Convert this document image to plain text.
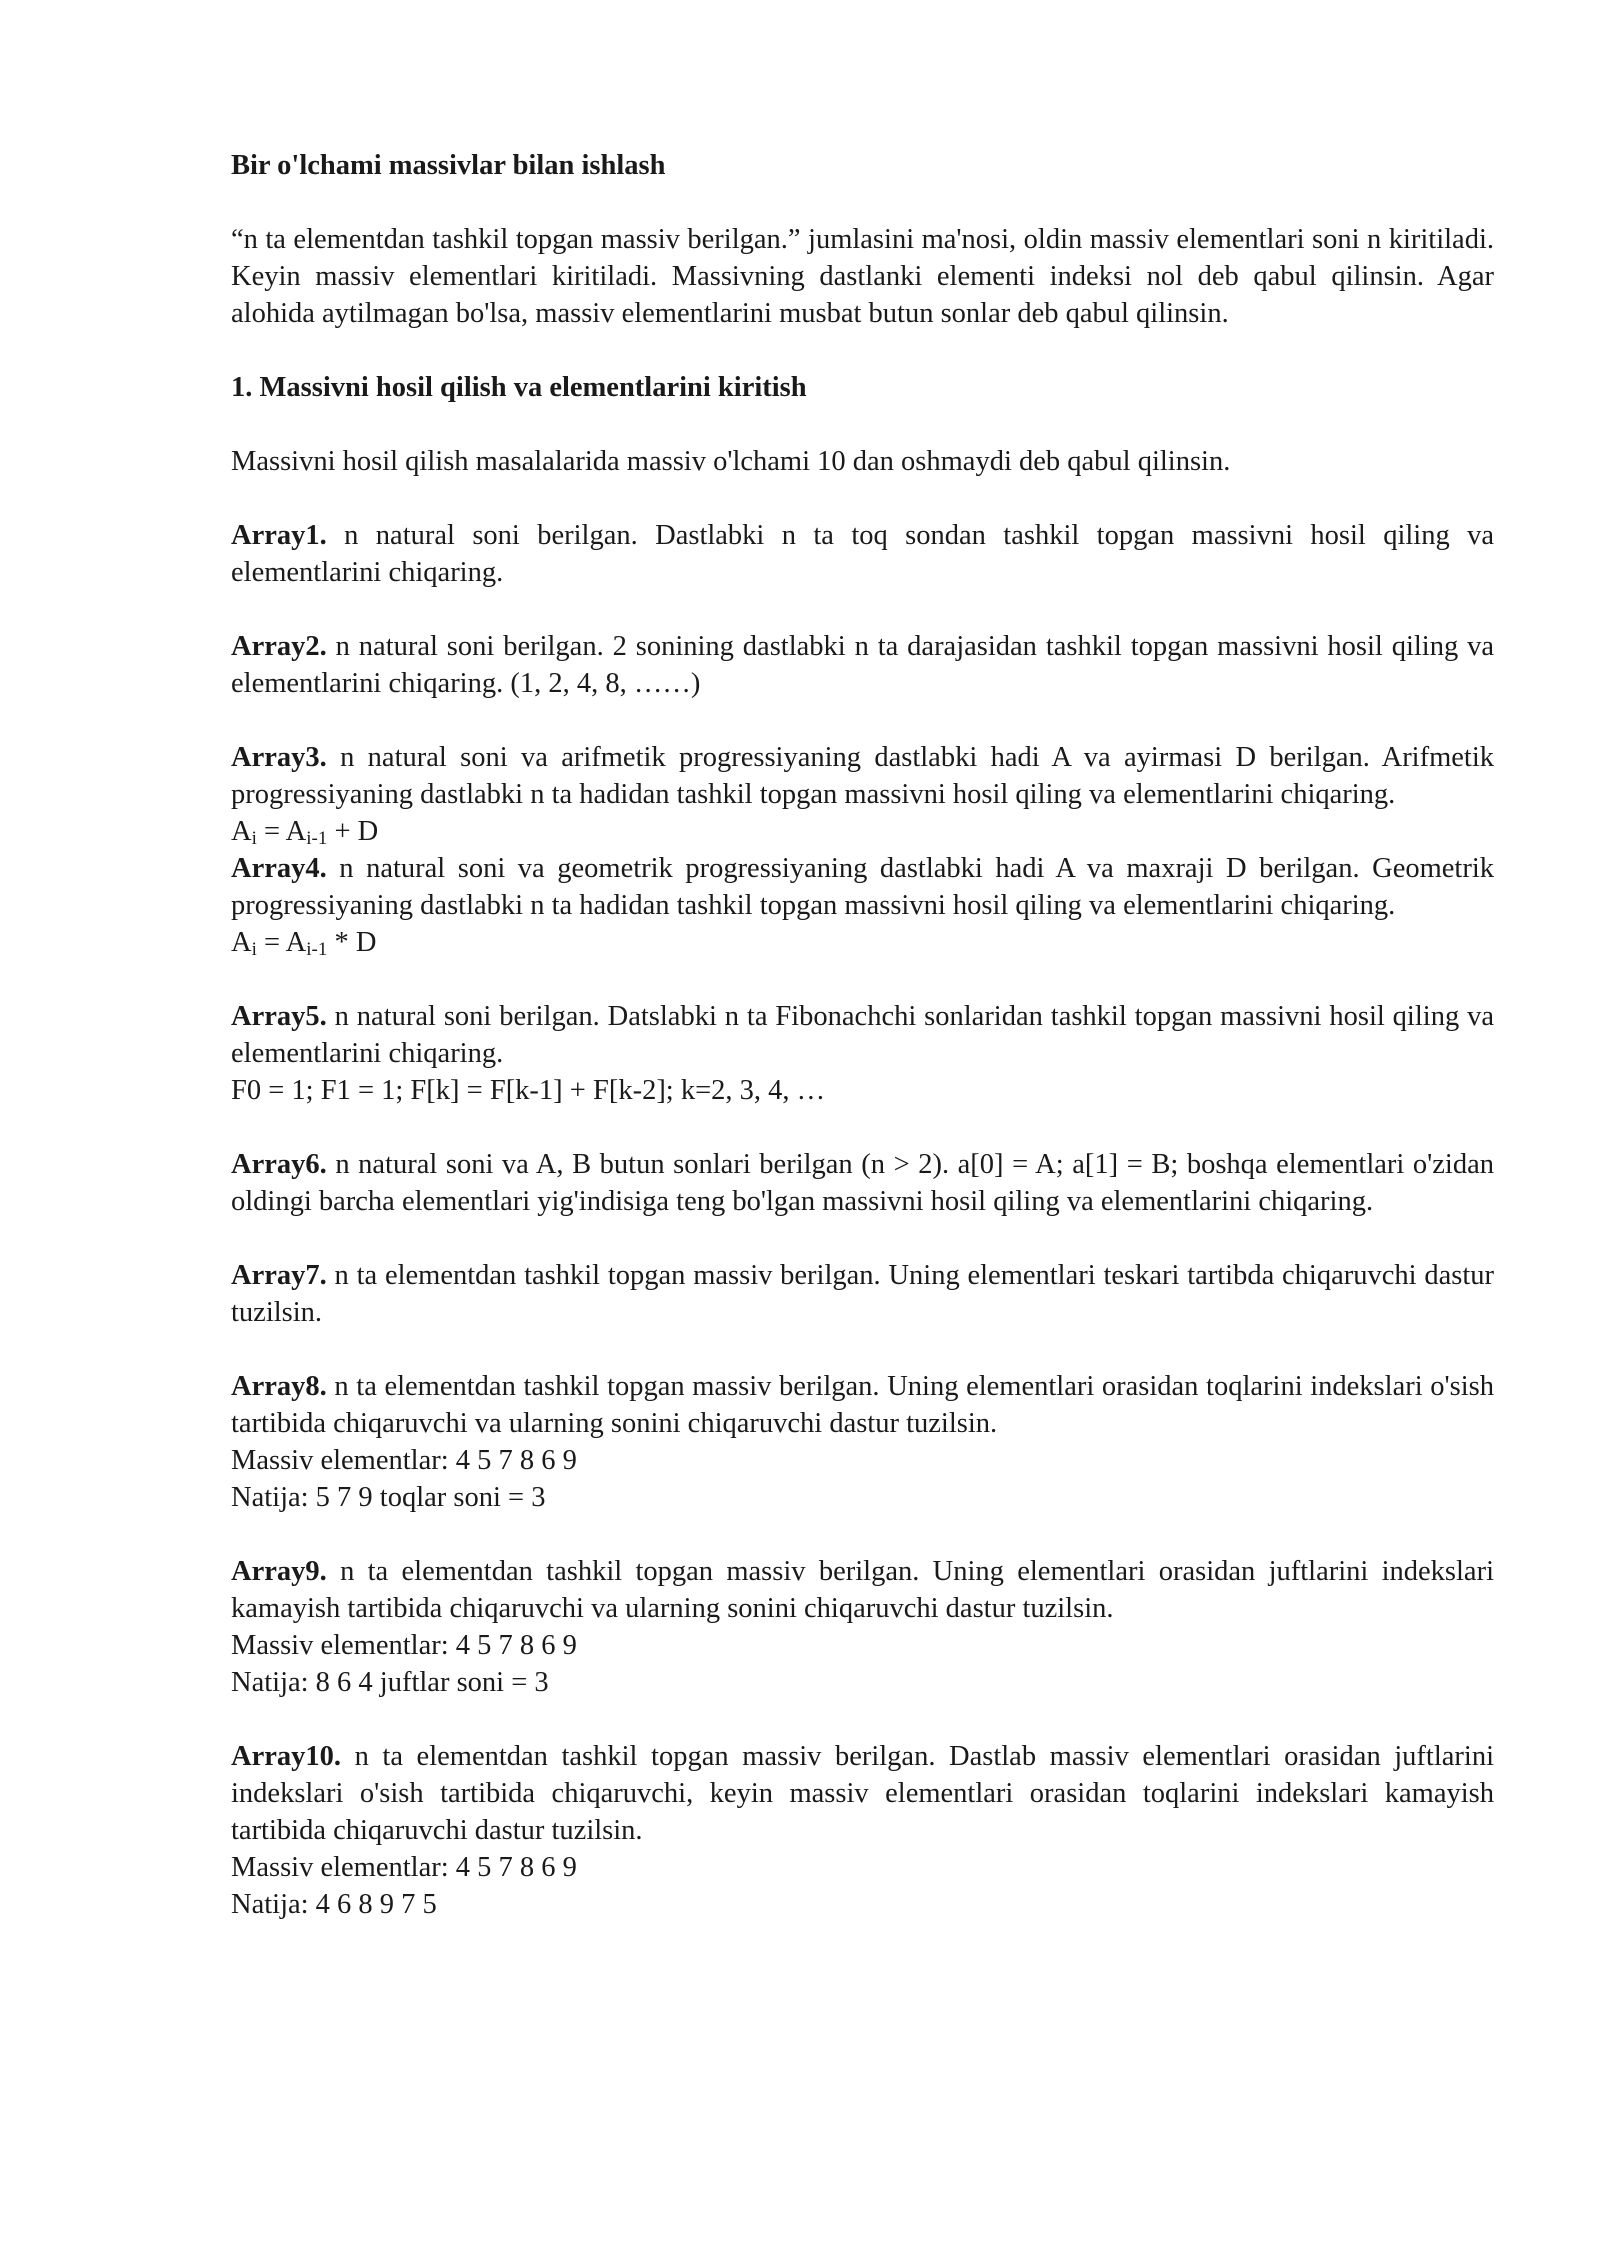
Bir o'lchami massivlar bilan ishlash

“n ta elementdan tashkil topgan massiv berilgan.” jumlasini ma'nosi, oldin massiv elementlari soni n kiritiladi. Keyin massiv elementlari kiritiladi. Massivning dastlanki elementi indeksi nol deb qabul qilinsin. Agar alohida aytilmagan bo'lsa, massiv elementlarini musbat butun sonlar deb qabul qilinsin.

1. Massivni hosil qilish va elementlarini kiritish

Massivni hosil qilish masalalarida massiv o'lchami 10 dan oshmaydi deb qabul qilinsin.

Array1. n natural soni berilgan. Dastlabki n ta toq sondan tashkil topgan massivni hosil qiling va elementlarini chiqaring.

Array2. n natural soni berilgan. 2 sonining dastlabki n ta darajasidan tashkil topgan massivni hosil qiling va elementlarini chiqaring. (1, 2, 4, 8, ……)

Array3. n natural soni va arifmetik progressiyaning dastlabki hadi A va ayirmasi D berilgan. Arifmetik progressiyaning dastlabki n ta hadidan tashkil topgan massivni hosil qiling va elementlarini chiqaring.

$A_i = A_{i-1} + D$

Array4. n natural soni va geometrik progressiyaning dastlabki hadi A va maxraji D berilgan. Geometrik progressiyaning dastlabki n ta hadidan tashkil topgan massivni hosil qiling va elementlarini chiqaring.

$A_i = A_{i-1} * D$

Array5. n natural soni berilgan. Datslabki n ta Fibonachchi sonlaridan tashkil topgan massivni hosil qiling va elementlarini chiqaring.

F0 = 1; F1 = 1; F[k] = F[k-1] + F[k-2]; k=2, 3, 4, …

Array6. n natural soni va A, B butun sonlari berilgan (n > 2). a[0] = A; a[1] = B; boshqa elementlari o'zidan oldingi barcha elementlari yig'indisiga teng bo'lgan massivni hosil qiling va elementlarini chiqaring.

Array7. n ta elementdan tashkil topgan massiv berilgan. Uning elementlari teskari tartibda chiqaruvchi dastur tuzilsin.

Array8. n ta elementdan tashkil topgan massiv berilgan. Uning elementlari orasidan toqlarini indekslari o'sish tartibida chiqaruvchi va ularning sonini chiqaruvchi dastur tuzilsin.

Massiv elementlar: 4 5 7 8 6 9

Natija: 5 7 9 toqlar soni = 3

Array9. n ta elementdan tashkil topgan massiv berilgan. Uning elementlari orasidan juftlarini indekslari kamayish tartibida chiqaruvchi va ularning sonini chiqaruvchi dastur tuzilsin.

Massiv elementlar: 4 5 7 8 6 9

Natija: 8 6 4 juftlar soni = 3

Array10. n ta elementdan tashkil topgan massiv berilgan. Dastlab massiv elementlari orasidan juftlarini indekslari o'sish tartibida chiqaruvchi, keyin massiv elementlari orasidan toqlarini indekslari kamayish tartibida chiqaruvchi dastur tuzilsin.

Massiv elementlar: 4 5 7 8 6 9

Natija: 4 6 8 9 7 5
